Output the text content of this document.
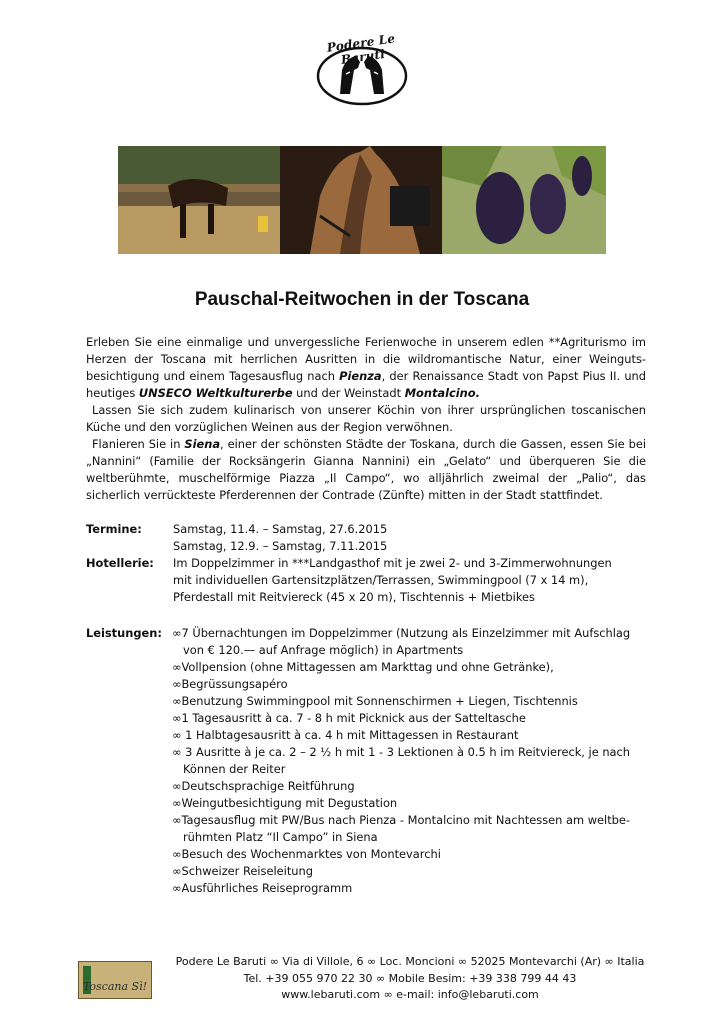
Podere Le Baruti
Pauschal-Reitwochen in der Toscana

Erleben Sie eine einmalige und unvergessliche Ferienwoche in unserem edlen **Agriturismo im Herzen der Toscana mit herrlichen Ausritten in die wildromantische Natur, einer Weinguts-besichtigung und einem Tagesausflug nach Pienza, der Renaissance Stadt von Papst Pius II. und heutiges UNSECO Weltkulturerbe und der Weinstadt Montalcino.

Lassen Sie sich zudem kulinarisch von unserer Köchin von ihrer ursprünglichen toscanischen Küche und den vorzüglichen Weinen aus der Region verwöhnen.

Flanieren Sie in Siena, einer der schönsten Städte der Toskana, durch die Gassen, essen Sie bei „Nannini“ (Familie der Rocksängerin Gianna Nannini) ein „Gelato“ und überqueren Sie die weltberühmte, muschelförmige Piazza „Il Campo“, wo alljährlich zweimal der „Palio“, das sicherlich verrückteste Pferderennen der Contrade (Zünfte) mitten in der Stadt stattfindet.

Termine:	Samstag, 11.4. – Samstag, 27.6.2015
Samstag, 12.9. – Samstag, 7.11.2015
Hotellerie: Im Doppelzimmer in ***Landgasthof mit je zwei 2- und 3-Zimmerwohnungen
mit individuellen Gartensitzplätzen/Terrassen, Swimmingpool (7 x 14 m),
Pferdestall mit Reitviereck (45 x 20 m), Tischtennis + Mietbikes
Leistungen: ∞7 Übernachtungen im Doppelzimmer (Nutzung als Einzelzimmer mit Aufschlag
von € 120.— auf Anfrage möglich) in Apartments
∞Vollpension (ohne Mittagessen am Markttag und ohne Getränke),
∞Begrüssungsapéro
∞Benutzung Swimmingpool mit Sonnenschirmen + Liegen, Tischtennis
∞1 Tagesausritt à ca. 7 - 8 h mit Picknick aus der Satteltasche
∞ 1 Halbtagesausritt à ca. 4 h mit Mittagessen in Restaurant
∞ 3 Ausritte à je ca. 2 – 2 ½ h mit 1 - 3 Lektionen à 0.5 h im Reitviereck, je nach
Können der Reiter
∞Deutschsprachige Reitführung
∞Weingutbesichtigung mit Degustation
∞Tagesausflug mit PW/Bus nach Pienza - Montalcino mit Nachtessen am weltbe-
rühmten Platz “Il Campo” in Siena
∞Besuch des Wochenmarktes von Montevarchi
∞Schweizer Reiseleitung
∞Ausführliches Reiseprogramm
Toscana Sì!
Podere Le Baruti ∞ Via di Villole, 6 ∞ Loc. Moncioni ∞ 52025 Montevarchi (Ar) ∞ Italia
Tel. +39 055 970 22 30 ∞ Mobile Besim: +39 338 799 44 43
www.lebaruti.com ∞ e-mail: info@lebaruti.com
